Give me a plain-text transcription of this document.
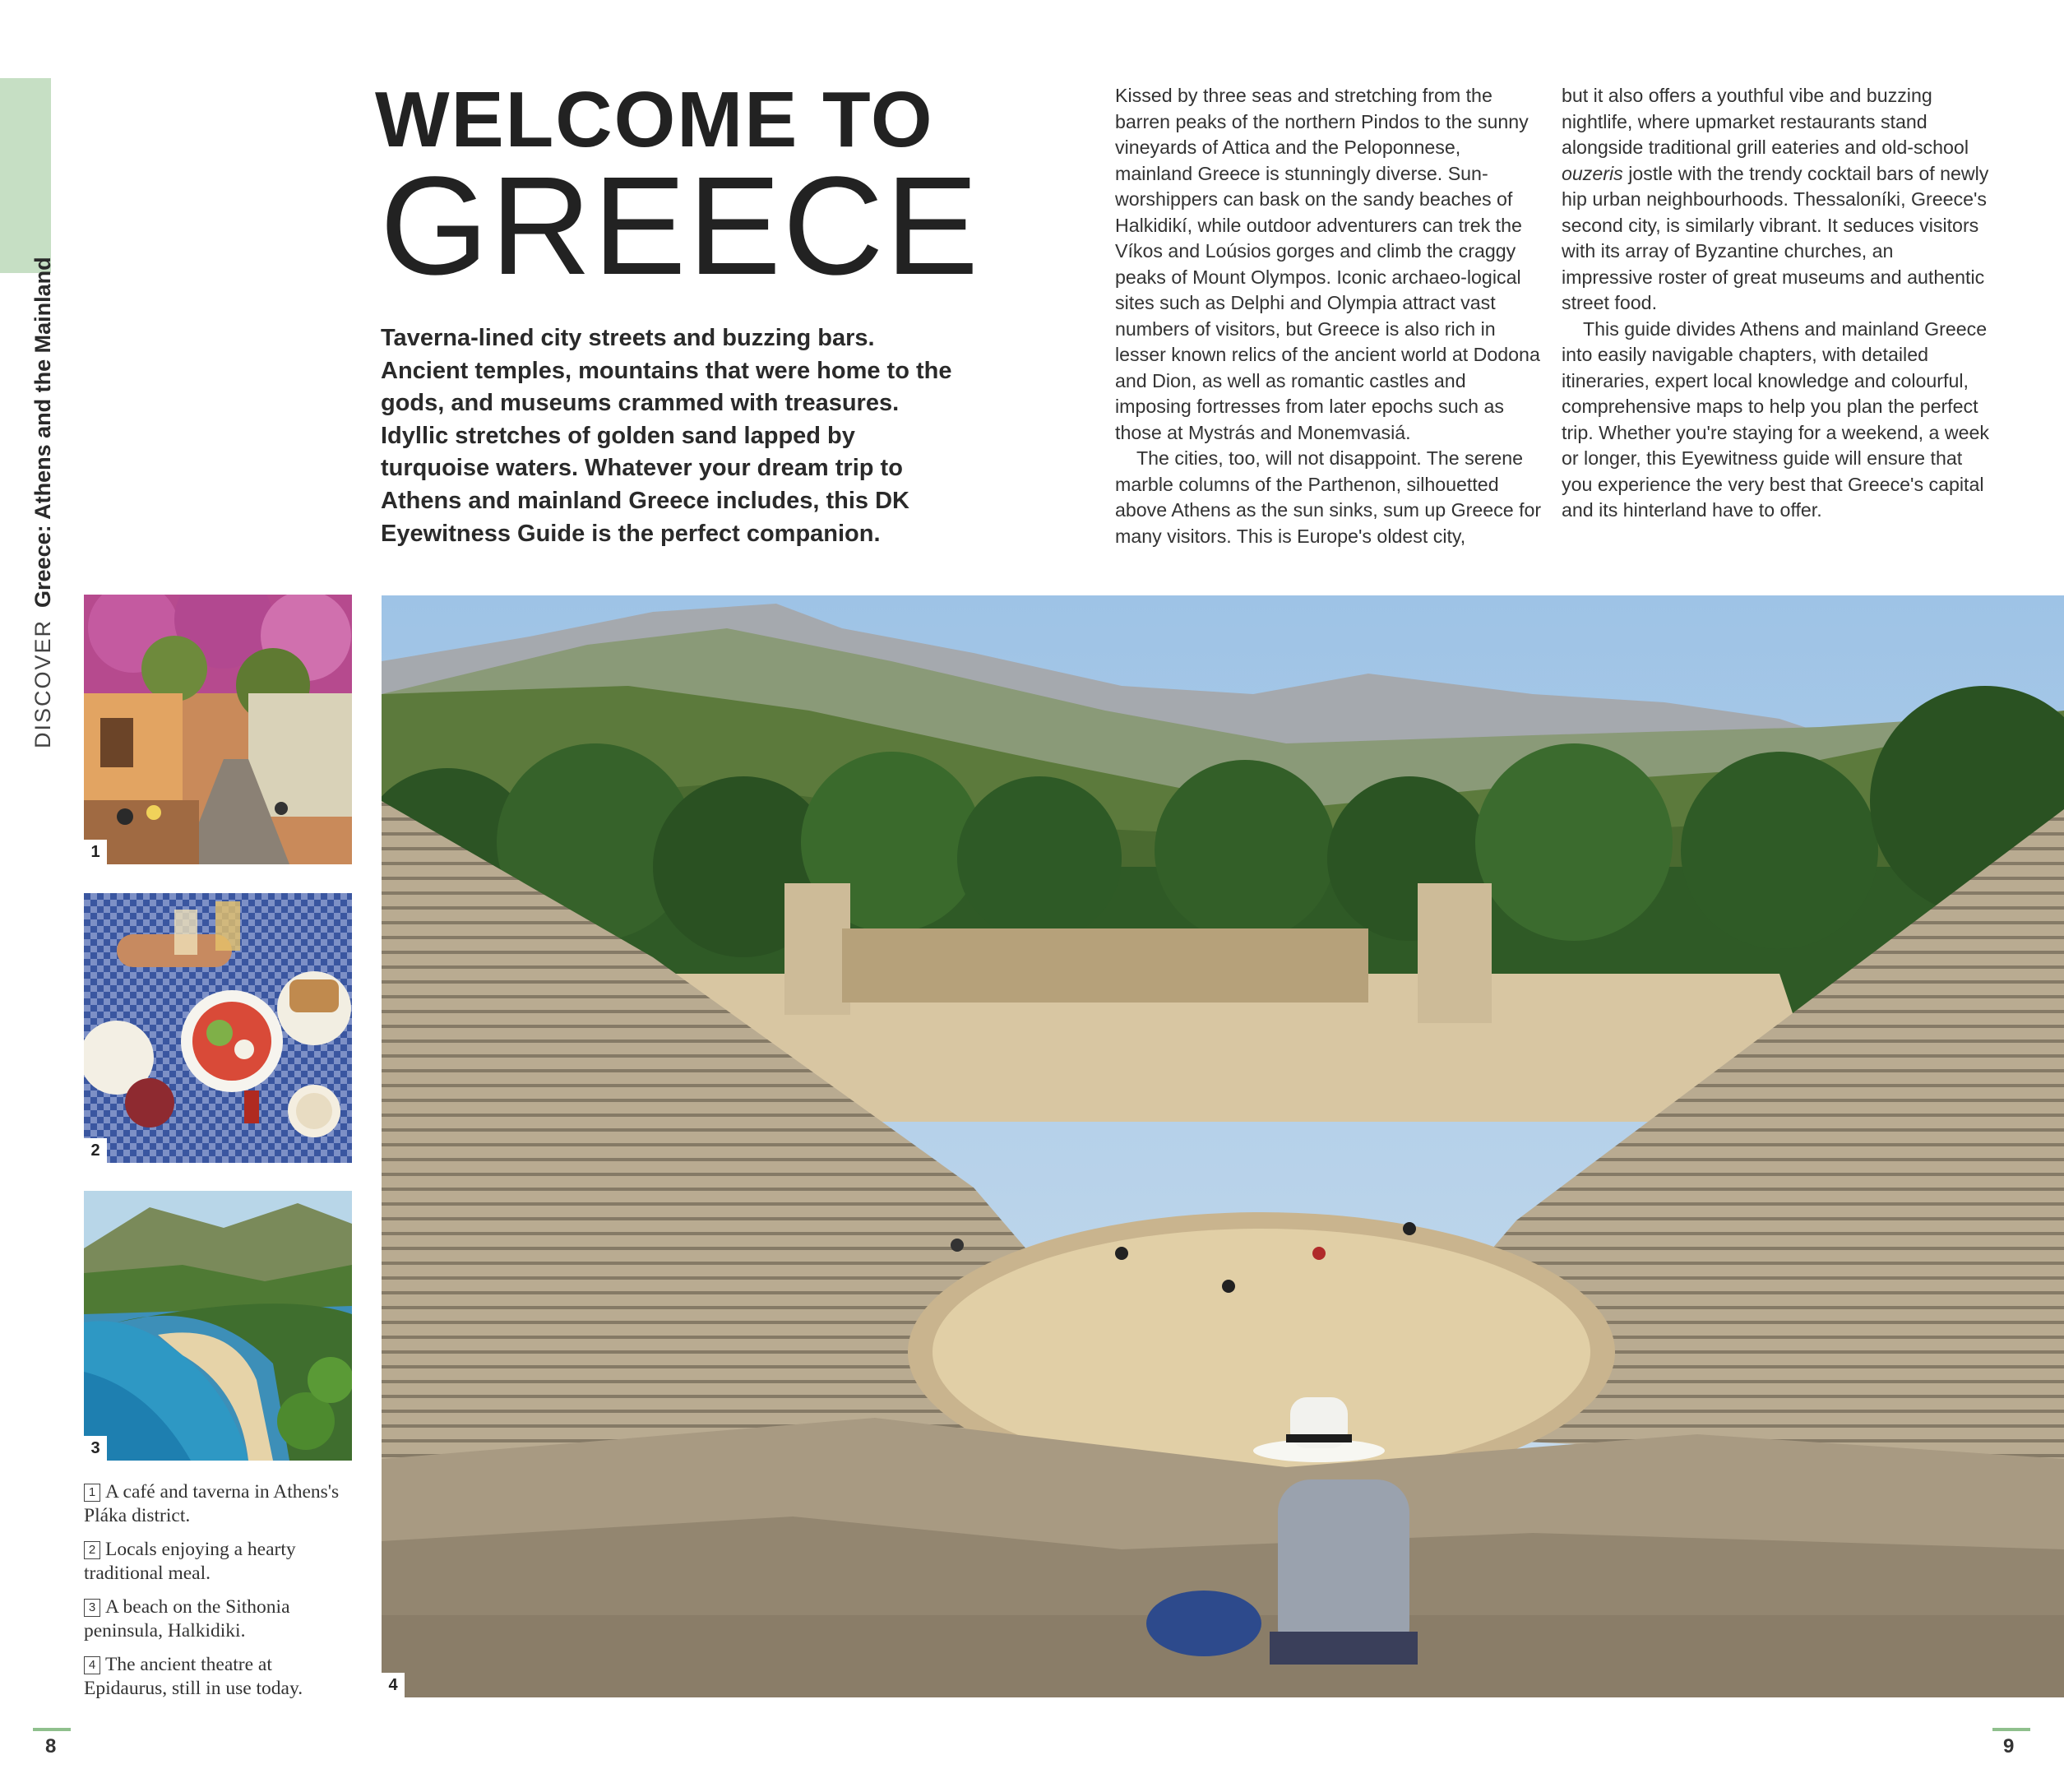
DISCOVERGreece: Athens and the Mainland
WELCOME TO
GREECE
Taverna-lined city streets and buzzing bars. Ancient temples, mountains that were home to the gods, and museums crammed with treasures. Idyllic stretches of golden sand lapped by turquoise waters. Whatever your dream trip to Athens and mainland Greece includes, this DK Eyewitness Guide is the perfect companion.

Kissed by three seas and stretching from the barren peaks of the northern Pindos to the sunny vineyards of Attica and the Peloponnese, mainland Greece is stunningly diverse. Sun-worshippers can bask on the sandy beaches of Halkidikí, while outdoor adventurers can trek the Víkos and Loúsios gorges and climb the craggy peaks of Mount Olympos. Iconic archaeo-logical sites such as Delphi and Olympia attract vast numbers of visitors, but Greece is also rich in lesser known relics of the ancient world at Dodona and Dion, as well as romantic castles and imposing fortresses from later epochs such as those at Mystrás and Monemvasiá.

The cities, too, will not disappoint. The serene marble columns of the Parthenon, silhouetted above Athens as the sun sinks, sum up Greece for many visitors. This is Europe's oldest city,

but it also offers a youthful vibe and buzzing nightlife, where upmarket restaurants stand alongside traditional grill eateries and old-school ouzeris jostle with the trendy cocktail bars of newly hip urban neighbourhoods. Thessaloníki, Greece's second city, is similarly vibrant. It seduces visitors with its array of Byzantine churches, an impressive roster of great museums and authentic street food.

This guide divides Athens and mainland Greece into easily navigable chapters, with detailed itineraries, expert local knowledge and colourful, comprehensive maps to help you plan the perfect trip. Whether you're staying for a weekend, a week or longer, this Eyewitness guide will ensure that you experience the very best that Greece's capital and its hinterland have to offer.

1
2
3
1 A café and taverna in Athens's Pláka district.
2 Locals enjoying a hearty traditional meal.
3 A beach on the Sithonia peninsula, Halkidiki.
4 The ancient theatre at Epidaurus, still in use today.	4
8	9
